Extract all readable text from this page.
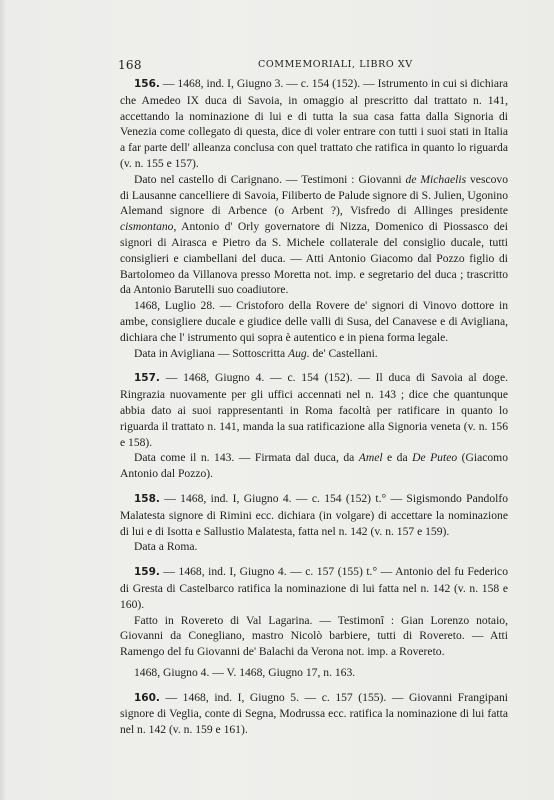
168	COMMEMORIALI, LIBRO XV

156. — 1468, ind. I, Giugno 3. — c. 154 (152). — Istrumento in cui si dichiara che Amedeo IX duca di Savoia, in omaggio al prescritto dal trattato n. 141, accettando la nominazione di lui e di tutta la sua casa fatta dalla Signoria di Venezia come collegato di questa, dice di voler entrare con tutti i suoi stati in Italia a far parte dell' alleanza conclusa con quel trattato che ratifica in quanto lo riguarda (v. n. 155 e 157).

Dato nel castello di Carignano. — Testimoni : Giovanni de Michaelis vescovo di Lausanne cancelliere di Savoia, Filiberto de Palude signore di S. Julien, Ugonino Alemand signore di Arbence (o Arbent ?), Visfredo di Allinges presidente cismontano, Antonio d' Orly governatore di Nizza, Domenico di Piossasco dei signori di Airasca e Pietro da S. Michele collaterale del consiglio ducale, tutti consiglieri e ciambellani del duca. — Atti Antonio Giacomo dal Pozzo figlio di Bartolomeo da Villanova presso Moretta not. imp. e segretario del duca ; trascritto da Antonio Barutelli suo coadiutore.

1468, Luglio 28. — Cristoforo della Rovere de' signori di Vinovo dottore in ambe, consigliere ducale e giudice delle valli di Susa, del Canavese e di Avigliana, dichiara che l' istrumento qui sopra è autentico e in piena forma legale.

Data in Avigliana — Sottoscritta Aug. de' Castellani.

157. — 1468, Giugno 4. — c. 154 (152). — Il duca di Savoia al doge. Ringrazia nuovamente per gli uffici accennati nel n. 143 ; dice che quantunque abbia dato ai suoi rappresentanti in Roma facoltà per ratificare in quanto lo riguarda il trattato n. 141, manda la sua ratificazione alla Signoria veneta (v. n. 156 e 158).

Data come il n. 143. — Firmata dal duca, da Amel e da De Puteo (Giacomo Antonio dal Pozzo).

158. — 1468, ind. I, Giugno 4. — c. 154 (152) t.° — Sigismondo Pandolfo Malatesta signore di Rimini ecc. dichiara (in volgare) di accettare la nominazione di lui e di Isotta e Sallustio Malatesta, fatta nel n. 142 (v. n. 157 e 159).

Data a Roma.

159. — 1468, ind. I, Giugno 4. — c. 157 (155) t.° — Antonio del fu Federico di Gresta di Castelbarco ratifica la nominazione di lui fatta nel n. 142 (v. n. 158 e 160).

Fatto in Rovereto di Val Lagarina. — Testimonî : Gian Lorenzo notaio, Giovanni da Conegliano, mastro Nicolò barbiere, tutti di Rovereto. — Atti Ramengo del fu Giovanni de' Balachi da Verona not. imp. a Rovereto.

1468, Giugno 4. — V. 1468, Giugno 17, n. 163.

160. — 1468, ind. I, Giugno 5. — c. 157 (155). — Giovanni Frangipani signore di Veglia, conte di Segna, Modrussa ecc. ratifica la nominazione di lui fatta nel n. 142 (v. n. 159 e 161).
